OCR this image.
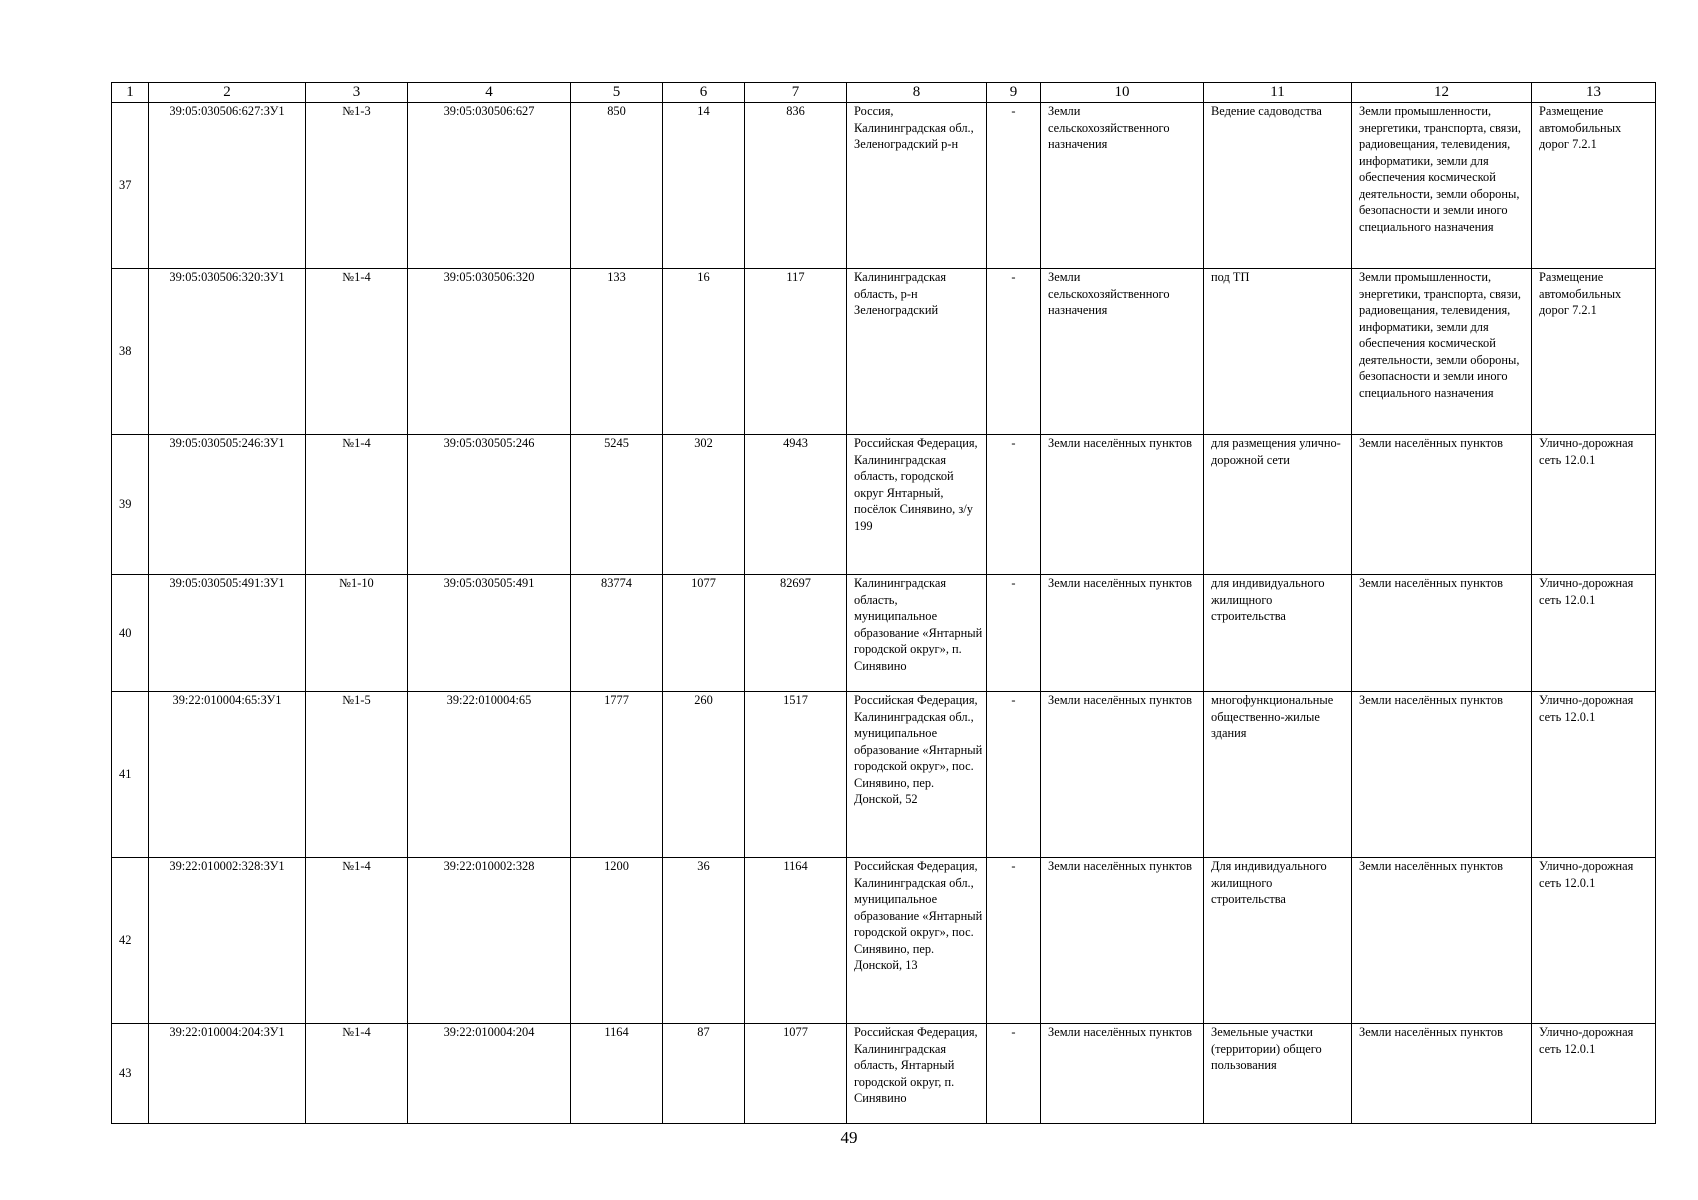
1	2	3	4	5	6	7	8	9	10	11	12	13
37	39:05:030506:627:ЗУ1	№1-3	39:05:030506:627	850	14	836	Россия, Калининградская обл., Зеленоградский р-н	-	Земли сельскохозяйственного назначения	Ведение садоводства	Земли промышленности, энергетики, транспорта, связи, радиовещания, телевидения, информатики, земли для обеспечения космической деятельности, земли обороны, безопасности и земли иного специального назначения	Размещение автомобильных дорог 7.2.1
38	39:05:030506:320:ЗУ1	№1-4	39:05:030506:320	133	16	117	Калининградская область, р-н Зеленоградский	-	Земли сельскохозяйственного назначения	под ТП	Земли промышленности, энергетики, транспорта, связи, радиовещания, телевидения, информатики, земли для обеспечения космической деятельности, земли обороны, безопасности и земли иного специального назначения	Размещение автомобильных дорог 7.2.1
39	39:05:030505:246:ЗУ1	№1-4	39:05:030505:246	5245	302	4943	Российская Федерация, Калининградская область, городской округ Янтарный, посёлок Синявино, з/у 199	-	Земли населённых пунктов	для размещения улично-дорожной сети	Земли населённых пунктов	Улично-дорожная сеть 12.0.1
40	39:05:030505:491:ЗУ1	№1-10	39:05:030505:491	83774	1077	82697	Калининградская область, муниципальное образование «Янтарный городской округ», п. Синявино	-	Земли населённых пунктов	для индивидуального жилищного строительства	Земли населённых пунктов	Улично-дорожная сеть 12.0.1
41	39:22:010004:65:ЗУ1	№1-5	39:22:010004:65	1777	260	1517	Российская Федерация, Калининградская обл., муниципальное образование «Янтарный городской округ», пос. Синявино, пер. Донской, 52	-	Земли населённых пунктов	многофункциональные общественно-жилые здания	Земли населённых пунктов	Улично-дорожная сеть 12.0.1
42	39:22:010002:328:ЗУ1	№1-4	39:22:010002:328	1200	36	1164	Российская Федерация, Калининградская обл., муниципальное образование «Янтарный городской округ», пос. Синявино, пер. Донской, 13	-	Земли населённых пунктов	Для индивидуального жилищного строительства	Земли населённых пунктов	Улично-дорожная сеть 12.0.1
43	39:22:010004:204:ЗУ1	№1-4	39:22:010004:204	1164	87	1077	Российская Федерация, Калининградская область, Янтарный городской округ, п. Синявино	-	Земли населённых пунктов	Земельные участки (территории) общего пользования	Земли населённых пунктов	Улично-дорожная сеть 12.0.1
49
